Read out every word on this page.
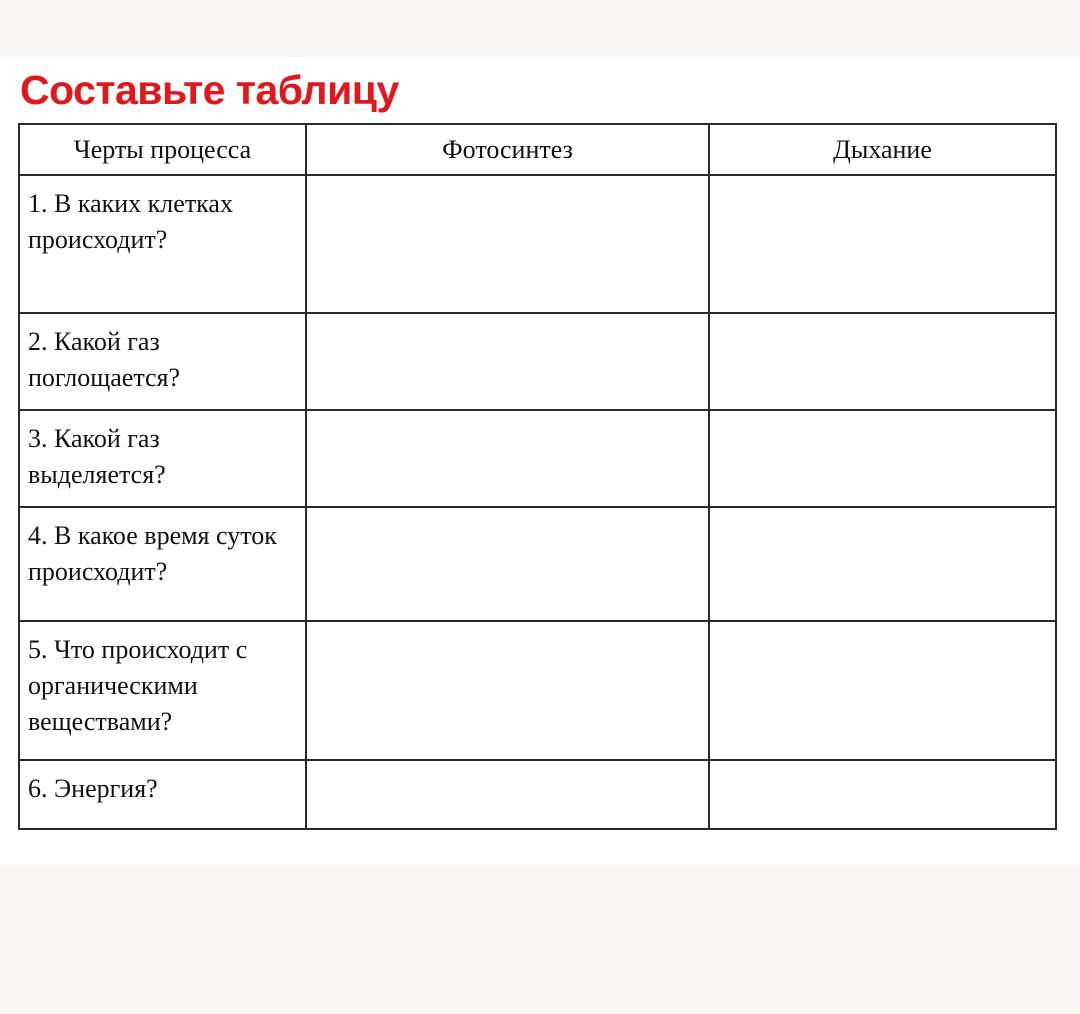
Составьте таблицу
Черты процесса	Фотосинтез	Дыхание
1. В каких клетках происходит?		
2. Какой газ поглощается?		
3. Какой газ выделяется?		
4. В какое время суток происходит?		
5. Что происходит с органическими веществами?		
6. Энергия?		
